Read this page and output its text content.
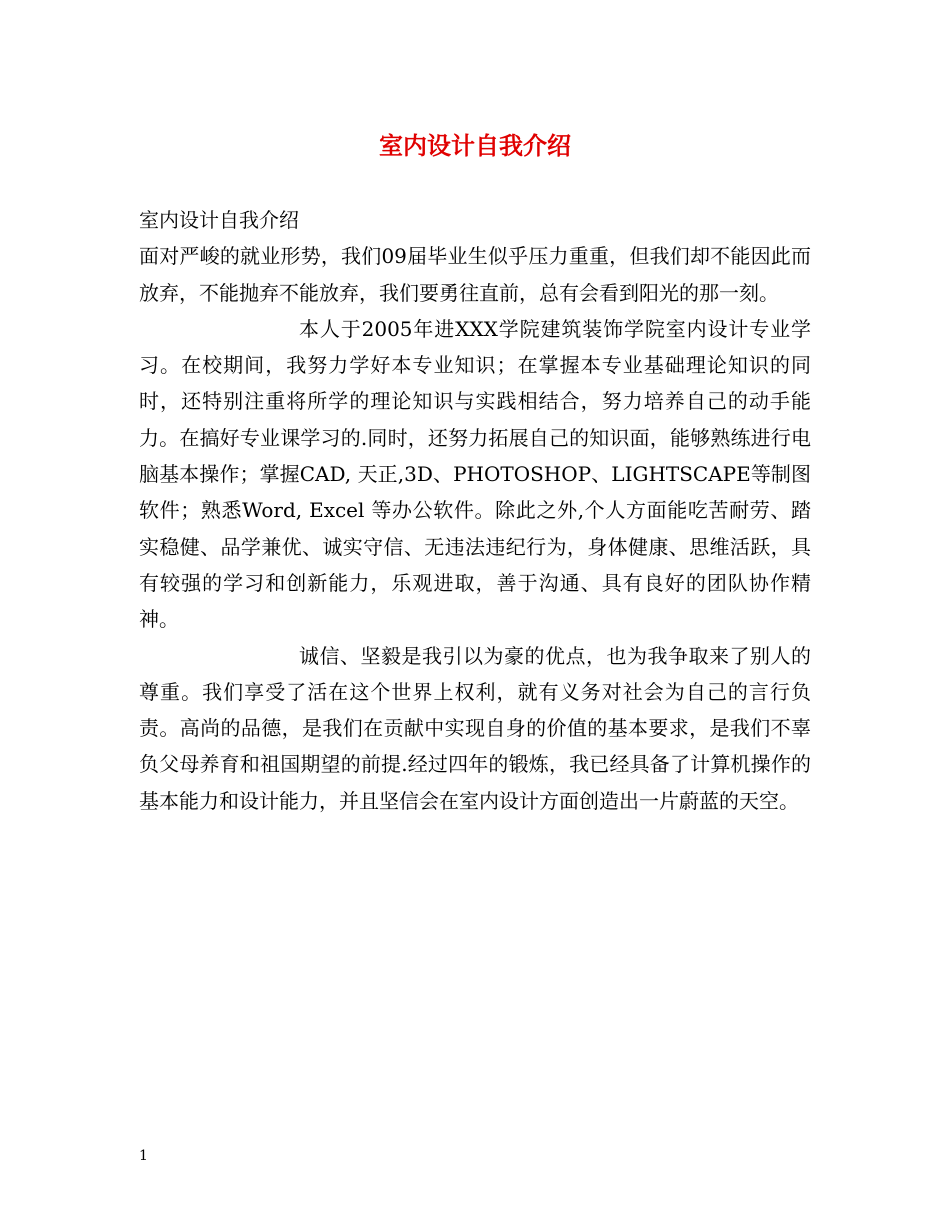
室内设计自我介绍

室内设计自我介绍

面对严峻的就业形势，我们09届毕业生似乎压力重重，但我们却不能因此而放弃，不能抛弃不能放弃，我们要勇往直前，总有会看到阳光的那一刻。

本人于2005年进XXX学院建筑装饰学院室内设计专业学习。在校期间，我努力学好本专业知识；在掌握本专业基础理论知识的同时，还特别注重将所学的理论知识与实践相结合，努力培养自己的动手能力。在搞好专业课学习的.同时，还努力拓展自己的知识面，能够熟练进行电脑基本操作；掌握CAD, 天正,3D、PHOTOSHOP、LIGHTSCAPE等制图软件；熟悉Word, Excel 等办公软件。除此之外,个人方面能吃苦耐劳、踏实稳健、品学兼优、诚实守信、无违法违纪行为，身体健康、思维活跃，具有较强的学习和创新能力，乐观进取，善于沟通、具有良好的团队协作精神。

诚信、坚毅是我引以为豪的优点，也为我争取来了别人的尊重。我们享受了活在这个世界上权利，就有义务对社会为自己的言行负责。高尚的品德，是我们在贡献中实现自身的价值的基本要求，是我们不辜负父母养育和祖国期望的前提.经过四年的锻炼，我已经具备了计算机操作的基本能力和设计能力，并且坚信会在室内设计方面创造出一片蔚蓝的天空。

1
